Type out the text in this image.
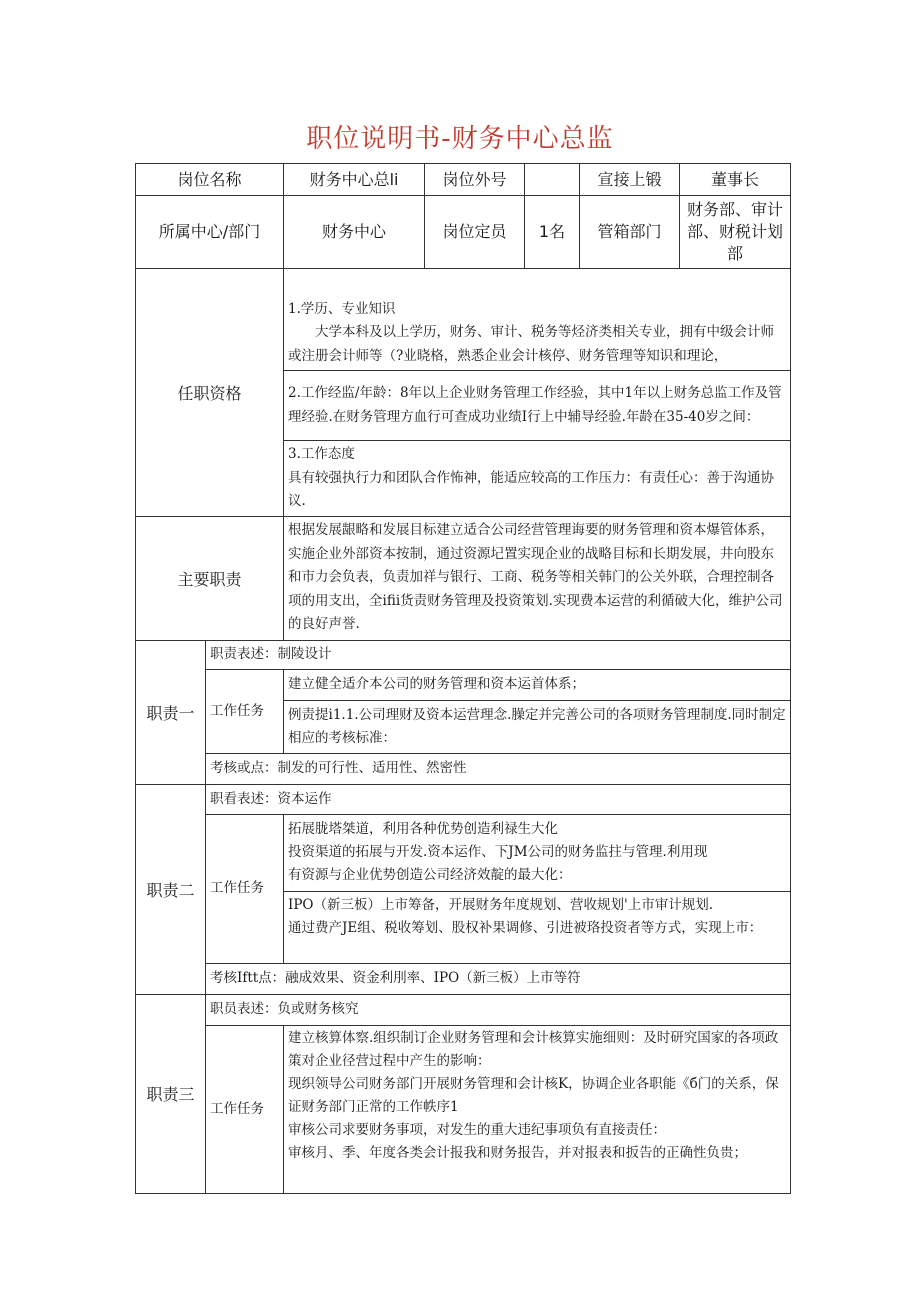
职位说明书-财务中心总监
岗位名称		财务中心总li	岗位外号		宣接上锻	董事长
所属中心/部门		财务中心	岗位定员	1名	管箱部门	财务部、审计部、财税计划部
任职资格		1.学历、专业知识

大学本科及以上学历，财务、审计、税务等烃济类相关专业，拥有中级会计师或注册会计师等（?业晓格，熟悉企业会计核停、财务管理等知识和理论，				

		2.工作经监/年龄：8年以上企业财务管理工作经验，其中1年以上财务总监工作及管理经验.在财务管理方血行可查成功业绩I行上中辅导经验.年龄在35-40岁之间：				

		3.工作态度

具有较强执行力和团队合作怖神，能适应较高的工作压力：有责任心：善于沟通协议.				

主要职责		根据发展龈略和发展目标建立适合公司经营管理诲要的财务管理和资本爆管体系，实施企业外部资本按制，通过资源圮置实现企业的战略目标和长期发展，井向股东和市力会负表，负责加祥与银行、工商、税务等相关韩门的公关外联，合理控制各项的用支出，全ifii货责财务管理及投资策划.实现费本运营的利循破大化，维护公司的良好声誉.				
职责一	职责表述：制陵设计					
	工作任务	建立健全适介本公司的财务管理和资本运首体系；				
		例责提i1.1.公司理财及资本运营理念.臊定并完善公司的各项财务管理制度.同时制定相应的考核标准：				
	考核或点：制发的可行性、适用性、然密性					
职责二	职看表述：资本运作					
	工作任务	拓展胧塔桀道，利用各种优势创造利禄生大化

投资渠道的拓展与开发.资本运作、下JM公司的财务监拄与管理.利用现

有资源与企业优势创造公司经济效靛的最大化：				

		IPO（新三板）上市筹备，开展财务年度规划、营收规划'上市审计规划.

通过费产JE组、税收筹划、股权补果调修、引进被珞投资者等方式，实现上市：				

	考核Iftt点：融成效果、资金利刖率、IPO（新三板）上市等符					
职责三	职员表述：负或财务核究					
	工作任务	建立核算体察.组织制订企业财务管理和会计核算实施细则：及时研究国家的各项政策对企业径营过程中产生的影响：

现织领导公司财务部门开展财务管理和会计核K，协调企业各职能《б门的关系，保证财务部门正常的工作帙序1

审核公司求要财务事项，对发生的重大违纪事项负有直接责任：

审核月、季、年度各类会计报我和财务报告，并对报表和扳告的正确性负贵；				
